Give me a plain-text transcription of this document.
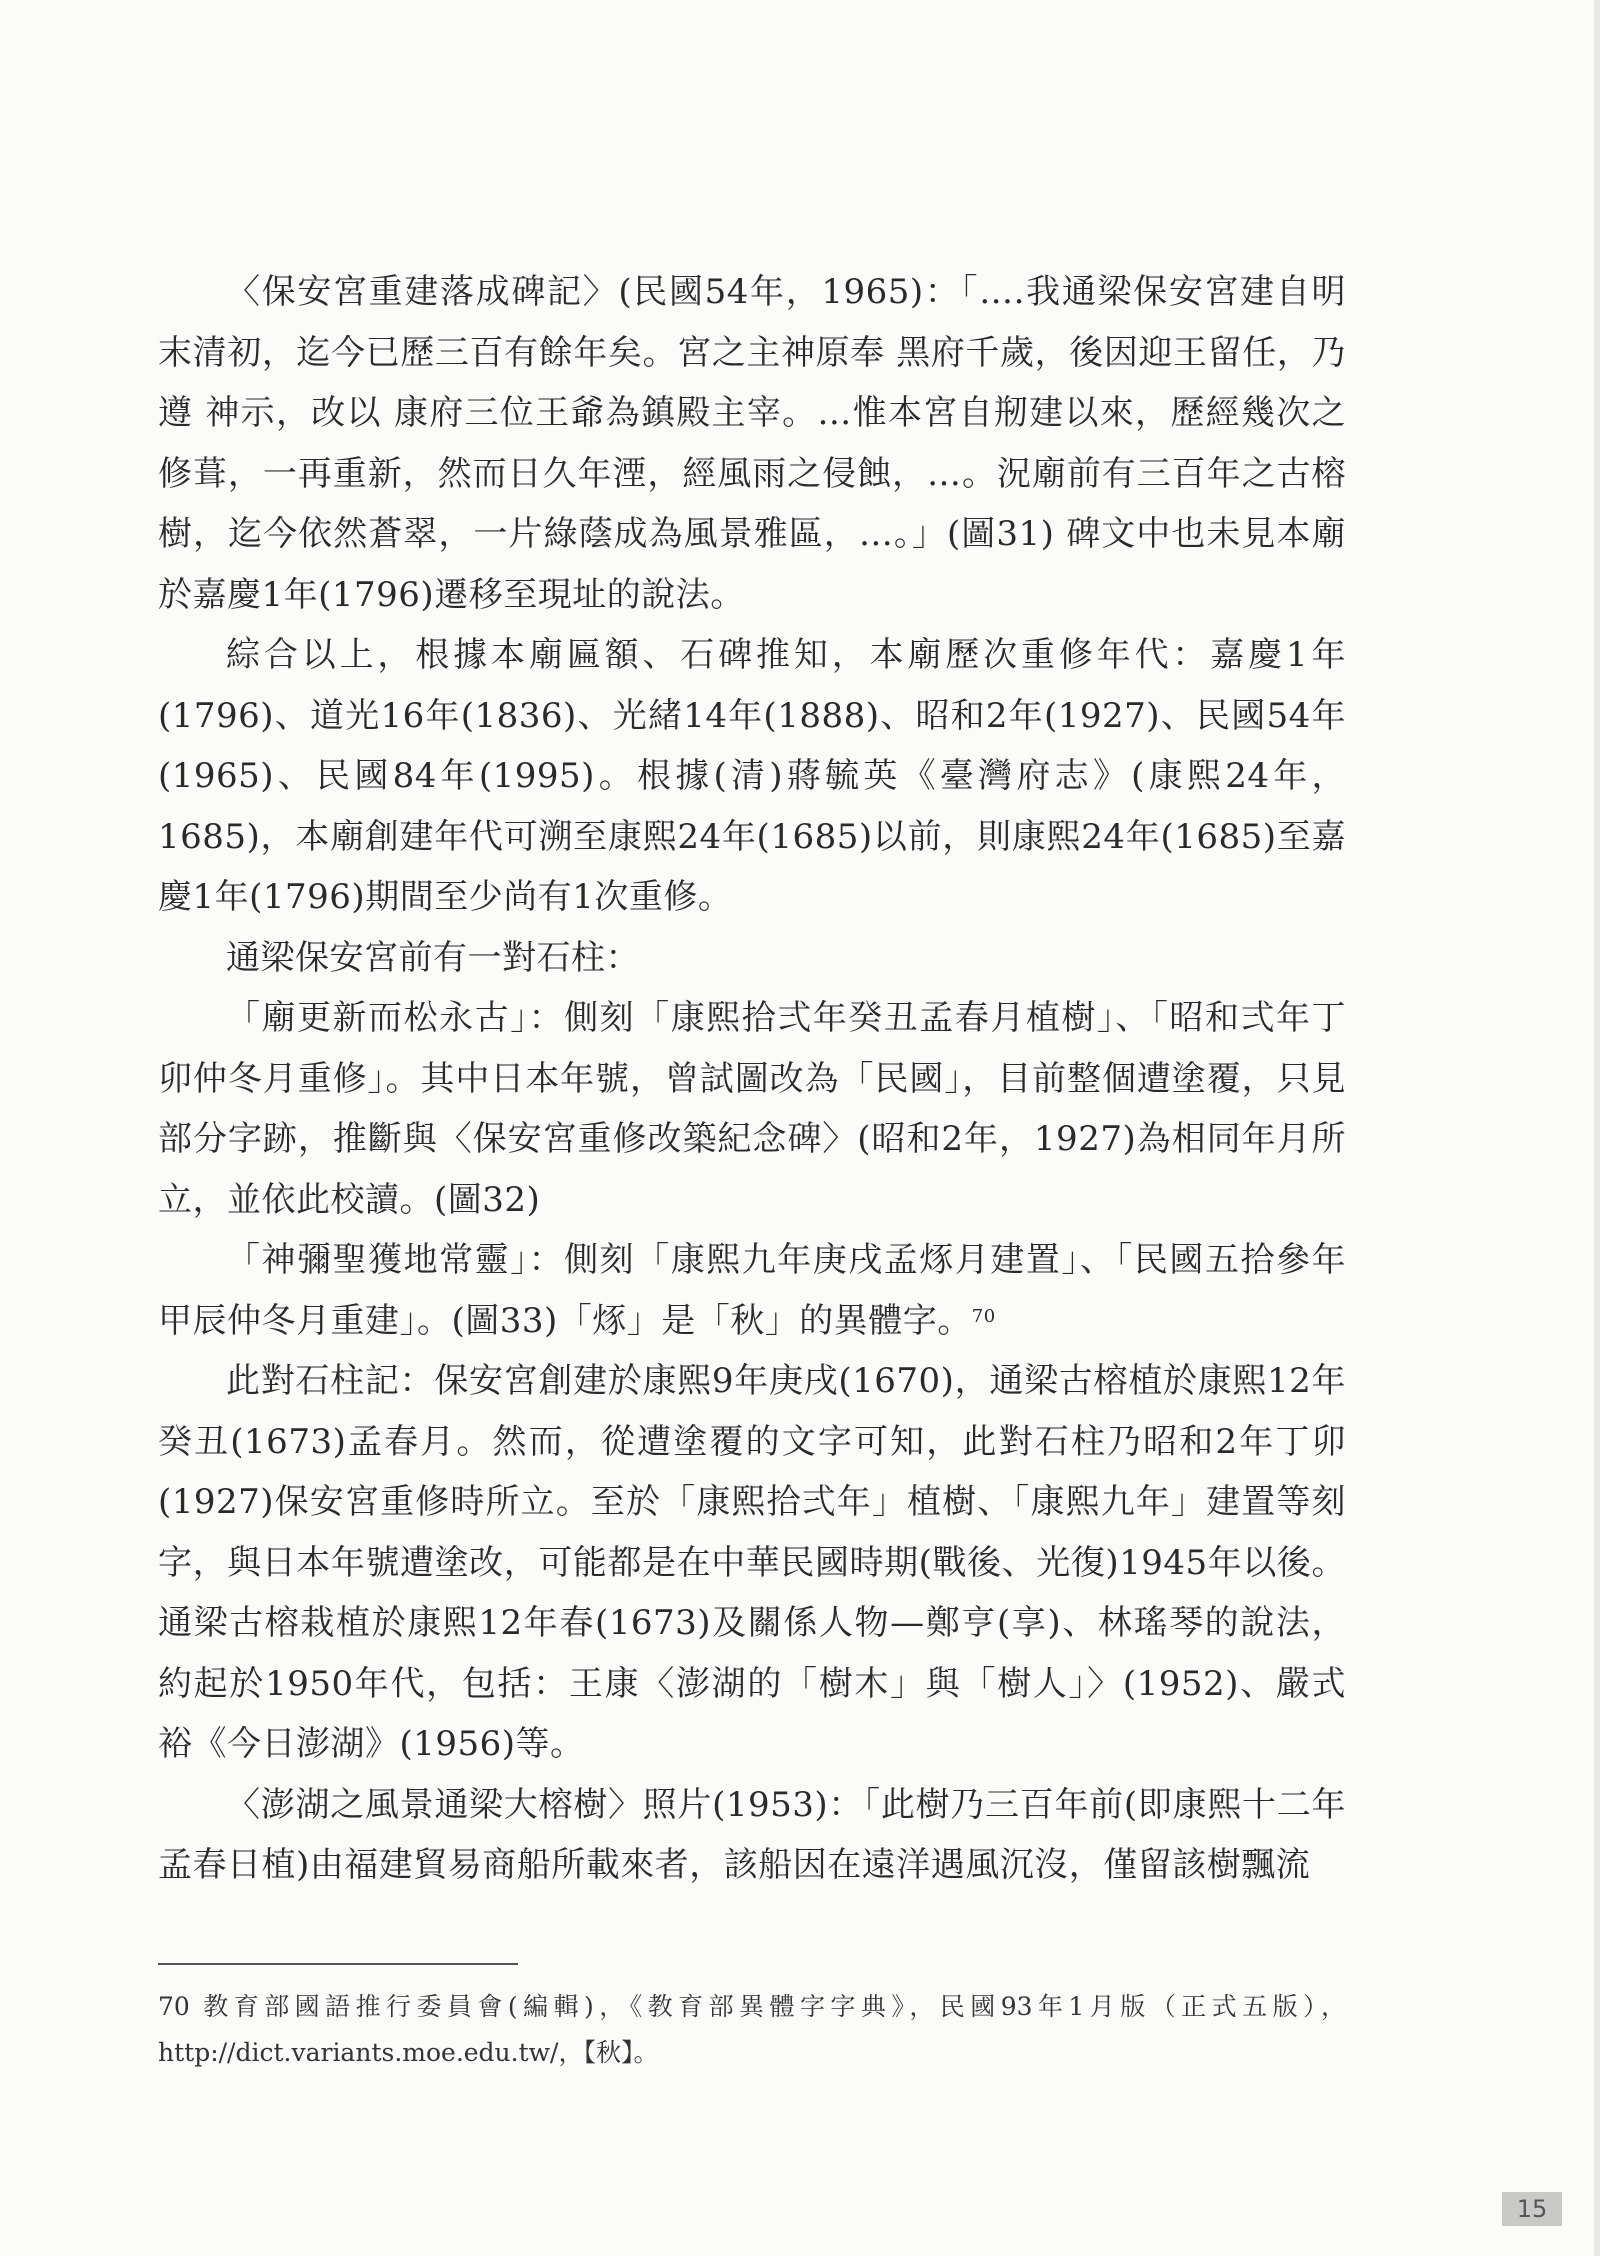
〈保安宮重建落成碑記〉(民國54年，1965)：「….我通梁保安宮建自明末清初，迄今已歷三百有餘年矣。宮之主神原奉 黑府千歲，後因迎王留任，乃遵 神示，改以 康府三位王爺為鎮殿主宰。…惟本宮自剏建以來，歷經幾次之修葺，一再重新，然而日久年湮，經風雨之侵蝕，…。況廟前有三百年之古榕樹，迄今依然蒼翠，一片綠蔭成為風景雅區，…。」(圖31) 碑文中也未見本廟於嘉慶1年(1796)遷移至現址的說法。

綜合以上，根據本廟匾額、石碑推知，本廟歷次重修年代：嘉慶1年(1796)、道光16年(1836)、光緒14年(1888)、昭和2年(1927)、民國54年(1965)、民國84年(1995)。根據(清)蔣毓英《臺灣府志》(康熙24年，1685)，本廟創建年代可溯至康熙24年(1685)以前，則康熙24年(1685)至嘉慶1年(1796)期間至少尚有1次重修。

通梁保安宮前有一對石柱：

「廟更新而松永古」：側刻「康熙拾弍年癸丑孟春月植樹」、「昭和弍年丁卯仲冬月重修」。其中日本年號，曾試圖改為「民國」，目前整個遭塗覆，只見部分字跡，推斷與〈保安宮重修改築紀念碑〉(昭和2年，1927)為相同年月所立，並依此校讀。(圖32)

「神彌聖獲地常靈」：側刻「康熙九年庚戌孟烼月建置」、「民國五拾參年甲辰仲冬月重建」。(圖33)「烼」是「秋」的異體字。$^{70}$

此對石柱記：保安宮創建於康熙9年庚戌(1670)，通梁古榕植於康熙12年癸丑(1673)孟春月。然而，從遭塗覆的文字可知，此對石柱乃昭和2年丁卯(1927)保安宮重修時所立。至於「康熙拾弍年」植樹、「康熙九年」建置等刻字，與日本年號遭塗改，可能都是在中華民國時期(戰後、光復)1945年以後。通梁古榕栽植於康熙12年春(1673)及關係人物—鄭亨(享)、林瑤琴的說法，約起於1950年代，包括：王康〈澎湖的「樹木」與「樹人」〉(1952)、嚴式裕《今日澎湖》(1956)等。

〈澎湖之風景通梁大榕樹〉照片(1953)：「此樹乃三百年前(即康熙十二年孟春日植)由福建貿易商船所載來者，該船因在遠洋遇風沉沒，僅留該樹飄流

70 教育部國語推行委員會(編輯)，《教育部異體字字典》，民國93年1月版（正式五版），http://dict.variants.moe.edu.tw/，【秋】。

15
